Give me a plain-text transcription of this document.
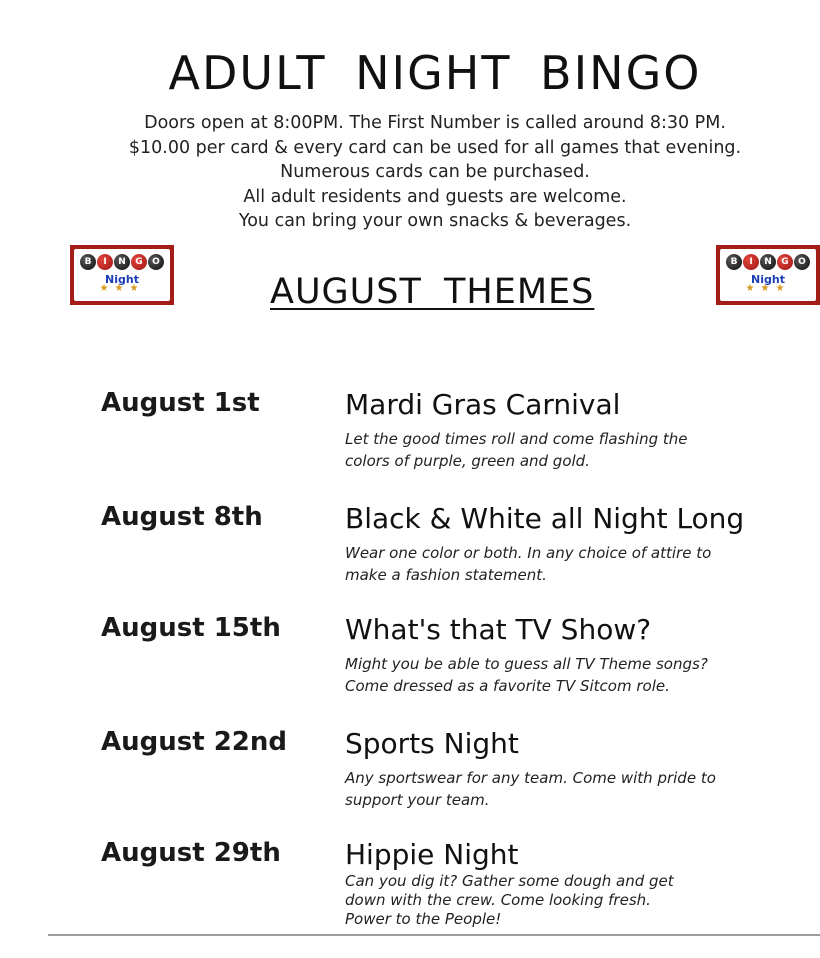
ADULT NIGHT BINGO
Doors open at 8:00PM. The First Number is called around 8:30 PM.
$10.00 per card & every card can be used for all games that evening.
Numerous cards can be purchased.
All adult residents and guests are welcome.
You can bring your own snacks & beverages.
B	I	N	G	O
Night
★★★
B	I	N	G	O
Night
★★★
AUGUST THEMES
August 1st	Mardi Gras Carnival
Let the good times roll and come flashing the
colors of purple, green and gold.
August 8th	Black & White all Night Long
Wear one color or both. In any choice of attire to
make a fashion statement.
August 15th What's that TV Show?
Might you be able to guess all TV Theme songs?
Come dressed as a favorite TV Sitcom role.
August 22nd Sports Night
Any sportswear for any team. Come with pride to
support your team.
August 29th Hippie Night
Can you dig it? Gather some dough and get
down with the crew. Come looking fresh.
Power to the People!
